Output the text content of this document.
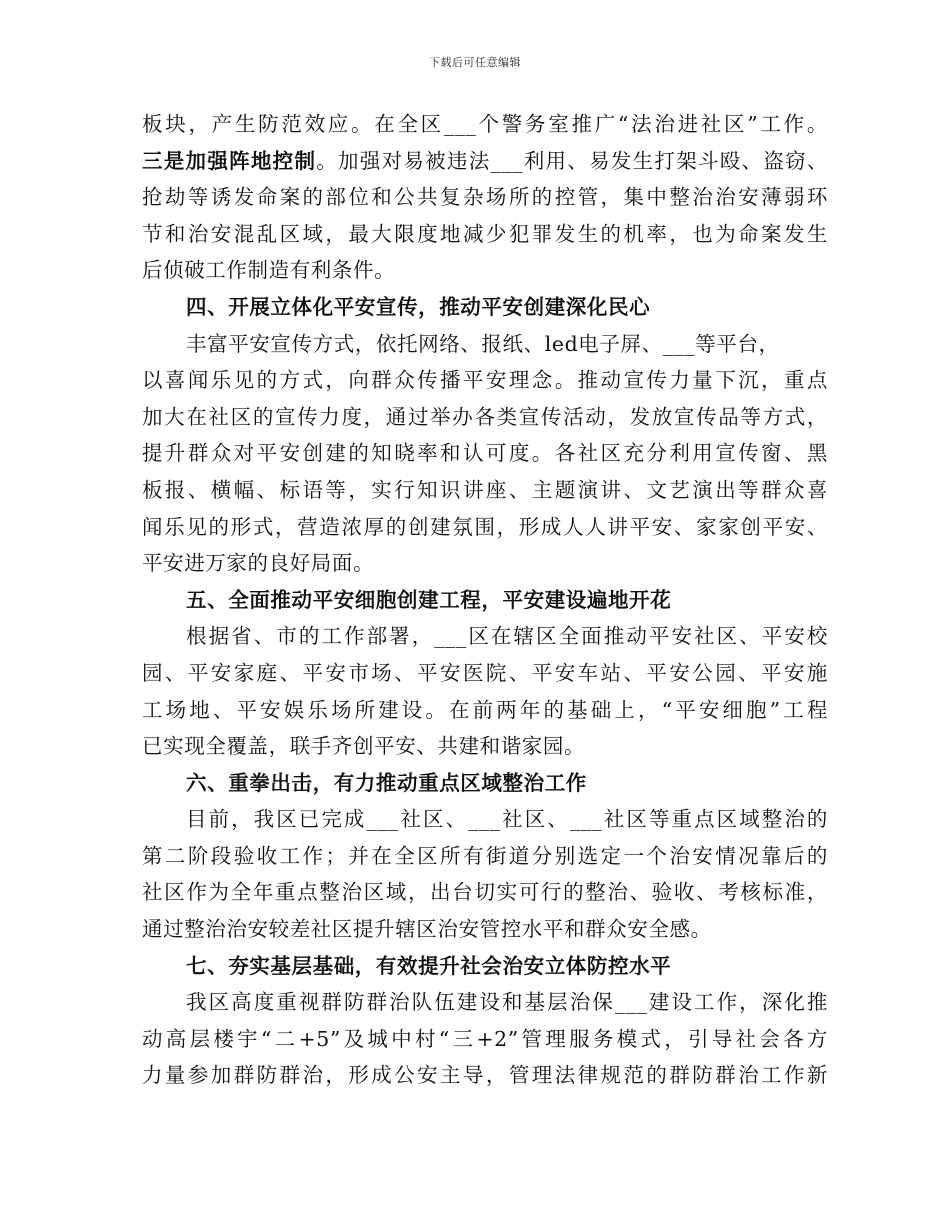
下载后可任意编辑
板块，产生防范效应。在全区___个警务室推广“法治进社区”工作。
三是加强阵地控制。加强对易被违法___利用、易发生打架斗殴、盗窃、
抢劫等诱发命案的部位和公共复杂场所的控管，集中整治治安薄弱环
节和治安混乱区域，最大限度地减少犯罪发生的机率，也为命案发生
后侦破工作制造有利条件。
四、开展立体化平安宣传，推动平安创建深化民心
丰富平安宣传方式，依托网络、报纸、led电子屏、___等平台，
以喜闻乐见的方式，向群众传播平安理念。推动宣传力量下沉，重点
加大在社区的宣传力度，通过举办各类宣传活动，发放宣传品等方式，
提升群众对平安创建的知晓率和认可度。各社区充分利用宣传窗、黑
板报、横幅、标语等，实行知识讲座、主题演讲、文艺演出等群众喜
闻乐见的形式，营造浓厚的创建氛围，形成人人讲平安、家家创平安、
平安进万家的良好局面。
五、全面推动平安细胞创建工程，平安建设遍地开花
根据省、市的工作部署，___区在辖区全面推动平安社区、平安校
园、平安家庭、平安市场、平安医院、平安车站、平安公园、平安施
工场地、平安娱乐场所建设。在前两年的基础上，“平安细胞”工程
已实现全覆盖，联手齐创平安、共建和谐家园。
六、重拳出击，有力推动重点区域整治工作
目前，我区已完成___社区、___社区、___社区等重点区域整治的
第二阶段验收工作；并在全区所有街道分别选定一个治安情况靠后的
社区作为全年重点整治区域，出台切实可行的整治、验收、考核标准，
通过整治治安较差社区提升辖区治安管控水平和群众安全感。
七、夯实基层基础，有效提升社会治安立体防控水平
我区高度重视群防群治队伍建设和基层治保___建设工作，深化推
动高层楼宇“二+5”及城中村“三+2”管理服务模式，引导社会各方
力量参加群防群治，形成公安主导，管理法律规范的群防群治工作新
